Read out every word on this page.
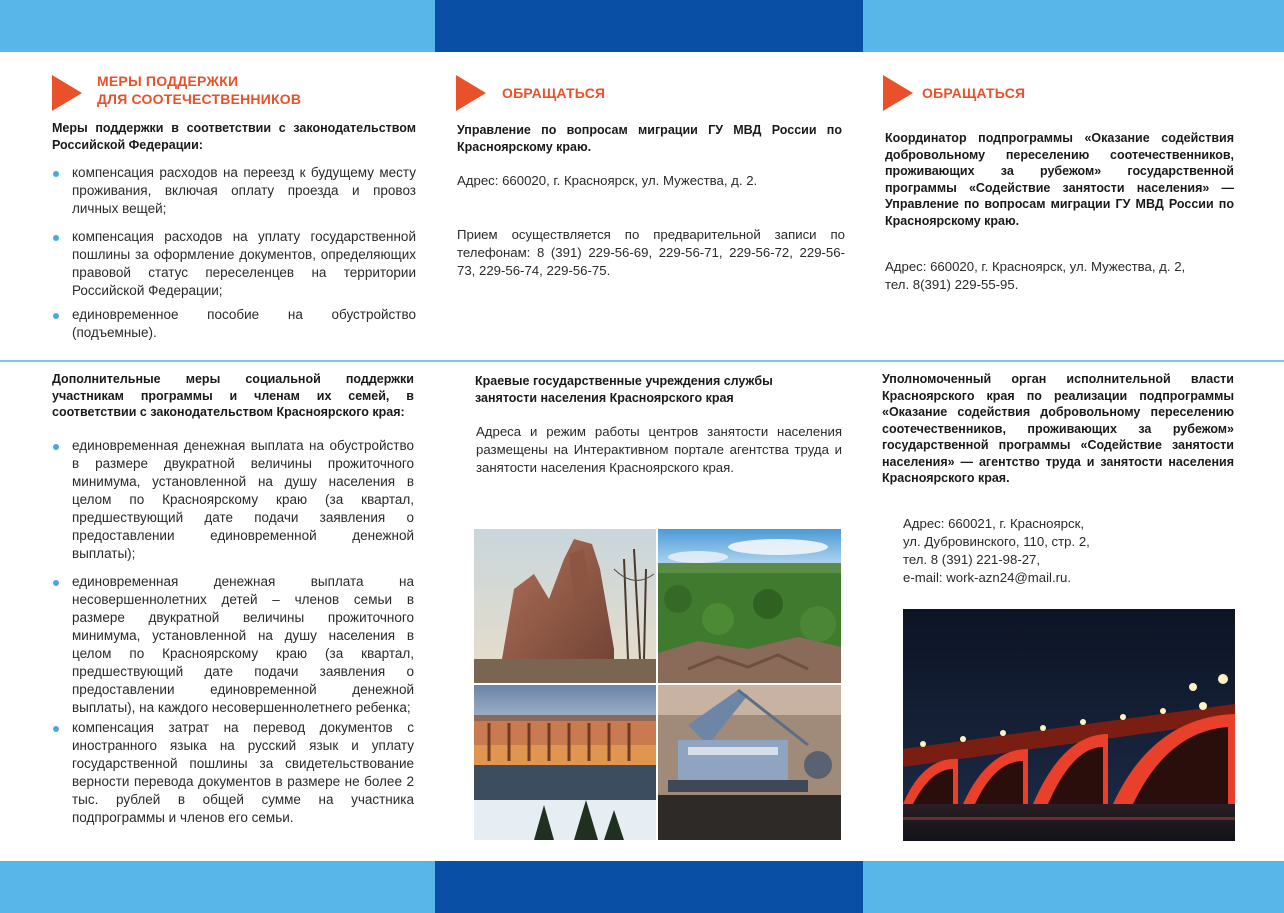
МЕРЫ ПОДДЕРЖКИ
ДЛЯ СООТЕЧЕСТВЕННИКОВ
Меры поддержки в соответствии с законодательством Российской Федерации:
компенсация расходов на переезд к будущему месту проживания, включая оплату проезда и провоз личных вещей;
компенсация расходов на уплату государственной пошлины за оформление документов, определяющих правовой статус переселенцев на территории Российской Федерации;
единовременное пособие на обустройство (подъемные).
Дополнительные меры социальной поддержки участникам программы и членам их семей, в соответствии с законодательством Красноярского края:
единовременная денежная выплата на обустройство в размере двукратной величины прожиточного минимума, установленной на душу населения в целом по Красноярскому краю (за квартал, предшествующий дате подачи заявления о предоставлении единовременной денежной выплаты);
единовременная денежная выплата на несовершеннолетних детей – членов семьи в размере двукратной величины прожиточного минимума, установленной на душу населения в целом по Красноярскому краю (за квартал, предшествующий дате подачи заявления о предоставлении единовременной денежной выплаты), на каждого несовершеннолетнего ребенка;
компенсация затрат на перевод документов с иностранного языка на русский язык и уплату государственной пошлины за свидетельствование верности перевода документов в размере не более 2 тыс. рублей в общей сумме на участника подпрограммы и членов его семьи.
ОБРАЩАТЬСЯ
Управление по вопросам миграции ГУ МВД России по Красноярскому краю.
Адрес: 660020, г. Красноярск, ул. Мужества, д. 2.
Прием осуществляется по предварительной записи по телефонам: 8 (391) 229-56-69, 229-56-71, 229-56-72, 229-56-73, 229-56-74, 229-56-75.
Краевые государственные учреждения службы занятости населения Красноярского края
Адреса и режим работы центров занятости населения размещены на Интерактивном портале агентства труда и занятости населения Красноярского края.
ОБРАЩАТЬСЯ
Координатор подпрограммы «Оказание содействия добровольному переселению соотечественников, проживающих за рубежом» государственной программы «Содействие занятости населения» — Управление по вопросам миграции ГУ МВД России по Красноярскому краю.
Адрес: 660020, г. Красноярск, ул. Мужества, д. 2,
тел. 8(391) 229-55-95.
Уполномоченный орган исполнительной власти Красноярского края по реализации подпрограммы «Оказание содействия добровольному переселению соотечественников, проживающих за рубежом» государственной программы «Содействие занятости населения» — агентство труда и занятости населения Красноярского края.
Адрес: 660021, г. Красноярск,
ул. Дубровинского, 110, стр. 2,
тел. 8 (391) 221-98-27,
e-mail: work-azn24@mail.ru.
